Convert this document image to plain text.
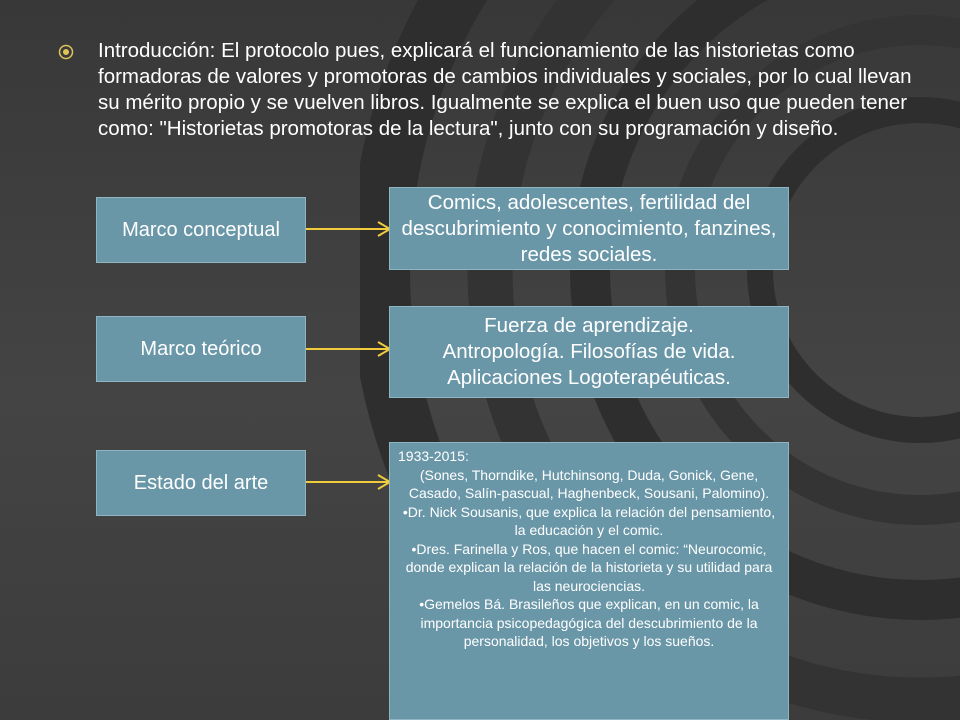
Introducción: El protocolo pues, explicará el funcionamiento de las historietas como formadoras de valores y promotoras de cambios individuales y sociales, por lo cual llevan su mérito propio y se vuelven libros. Igualmente se explica el buen uso que pueden tener como: "Historietas promotoras de la lectura", junto con su programación y diseño.
Marco conceptual
Comics, adolescentes, fertilidad del descubrimiento y conocimiento, fanzines, redes sociales.
Marco teórico
Fuerza de aprendizaje.
Antropología. Filosofías de vida.
Aplicaciones Logoterapéuticas.
Estado del arte
1933-2015:
(Sones, Thorndike, Hutchinsong, Duda, Gonick, Gene, Casado, Salín-pascual, Haghenbeck, Sousani, Palomino).
•Dr. Nick Sousanis, que explica la relación del pensamiento, la educación y el comic.
•Dres. Farinella y Ros, que hacen el comic: “Neurocomic, donde explican la relación de la historieta y su utilidad para las neurociencias.
•Gemelos Bá. Brasileños que explican, en un comic, la importancia psicopedagógica del descubrimiento de la personalidad, los objetivos y los sueños.
